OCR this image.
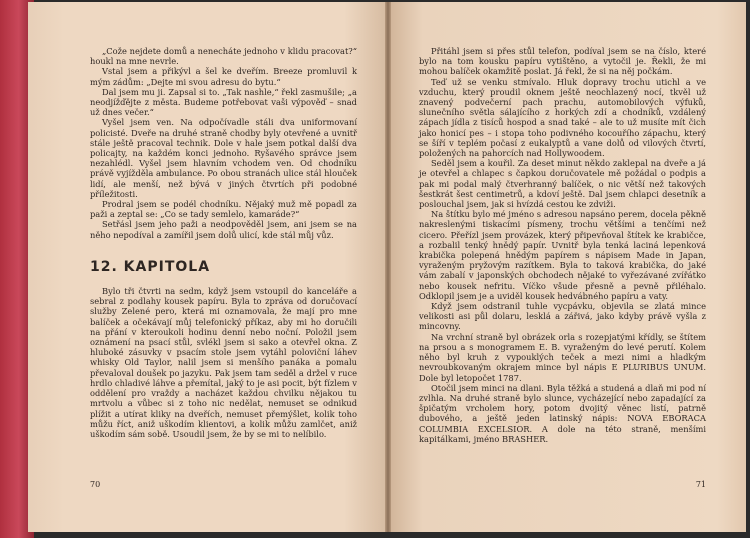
„Cože nejdete domů a nenecháte jednoho v klidu pracovat?“ houkl na mne nevrle.

Vstal jsem a přikývl a šel ke dveřím. Breeze promluvil k mým zádům: „Dejte mi svou adresu do bytu.“

Dal jsem mu ji. Zapsal si to. „Tak nashle,“ řekl zasmušile; „a neodjížďějte z města. Budeme potřebovat vaši výpověď – snad už dnes večer.“

Vyšel jsem ven. Na odpočívadle stáli dva uniformovaní policisté. Dveře na druhé straně chodby byly otevřené a uvnitř stále ještě pracoval technik. Dole v hale jsem potkal další dva policajty, na každém konci jednoho. Ryšavého správce jsem nezahlédl. Vyšel jsem hlavním vchodem ven. Od chodníku právě vyjížděla ambulance. Po obou stranách ulice stál hlouček lidí, ale menší, než bývá v jiných čtvrtích při podobné příležitosti.

Prodral jsem se podél chodníku. Nějaký muž mě popadl za paži a zeptal se: „Co se tady semlelo, kamaráde?“

Setřásl jsem jeho paži a neodpověděl jsem, ani jsem se na něho nepodíval a zamířil jsem dolů ulicí, kde stál můj vůz.

12. KAPITOLA

Bylo tři čtvrti na sedm, když jsem vstoupil do kanceláře a sebral z podlahy kousek papíru. Byla to zpráva od doručovací služby Zelené pero, která mi oznamovala, že mají pro mne balíček a očekávají můj telefonický příkaz, aby mi ho doručili na přání v kteroukoli hodinu denní nebo noční. Položil jsem oznámení na psací stůl, svlékl jsem si sako a otevřel okna. Z hluboké zásuvky v psacím stole jsem vytáhl poloviční láhev whisky Old Taylor, nalil jsem si menšího panáka a pomalu převaloval doušek po jazyku. Pak jsem tam seděl a držel v ruce hrdlo chladivé láhve a přemítal, jaký to je asi pocit, být fízlem v oddělení pro vraždy a nacházet každou chvilku nějakou tu mrtvolu a vůbec si z toho nic nedělat, nemuset se odnikud plížit a utírat kliky na dveřích, nemuset přemýšlet, kolik toho můžu říct, aniž uškodím klientovi, a kolik můžu zamlčet, aniž uškodím sám sobě. Usoudil jsem, že by se mi to nelíbilo.

70

Přitáhl jsem si přes stůl telefon, podíval jsem se na číslo, které bylo na tom kousku papíru vytištěno, a vytočil je. Řekli, že mi mohou balíček okamžitě poslat. Já řekl, že si na něj počkám.

Teď už se venku stmívalo. Hluk dopravy trochu utichl a ve vzduchu, který proudil oknem ještě neochlazený nocí, tkvěl už znavený podvečerní pach prachu, automobilových výfuků, slunečního světla sálajícího z horkých zdí a chodníků, vzdálený zápach jídla z tisíců hospod a snad také – ale to už musíte mít čich jako honicí pes – i stopa toho podivného kocouřího zápachu, který se šíří v teplém počasí z eukalyptů a vane dolů od vilových čtvrtí, položených na pahorcích nad Hollywoodem.

Seděl jsem a kouřil. Za deset minut někdo zaklepal na dveře a já je otevřel a chlapec s čapkou doručovatele mě požádal o podpis a pak mi podal malý čtverhranný balíček, o nic větší než takových šestkrát šest centimetrů, a kdoví ještě. Dal jsem chlapci desetník a poslouchal jsem, jak si hvízdá cestou ke zdviži.

Na štítku bylo mé jméno s adresou napsáno perem, docela pěkně nakreslenými tiskacími písmeny, trochu většími a tenčími než cicero. Přeřízl jsem provázek, který připevňoval štítek ke krabičce, a rozbalil tenký hnědý papír. Uvnitř byla tenká laciná lepenková krabička polepená hnědým papírem s nápisem Made in Japan, vyraženým pryžovým razítkem. Byla to taková krabička, do jaké vám zabalí v japonských obchodech nějaké to vyřezávané zvířátko nebo kousek nefritu. Víčko všude přesně a pevně přiléhalo. Odklopil jsem je a uviděl kousek hedvábného papíru a vaty.

Když jsem odstranil tuhle vycpávku, objevila se zlatá mince velikosti asi půl dolaru, lesklá a zářivá, jako kdyby právě vyšla z mincovny.

Na vrchní straně byl obrázek orla s rozepjatými křídly, se štítem na prsou a s monogramem E. B. vyraženým do levé perutí. Kolem něho byl kruh z vypouklých teček a mezi nimi a hladkým nevroubkovaným okrajem mince byl nápis E PLURIBUS UNUM. Dole byl letopočet 1787.

Otočil jsem minci na dlani. Byla těžká a studená a dlaň mi pod ní zvlhla. Na druhé straně bylo slunce, vycházející nebo zapadající za špičatým vrcholem hory, potom dvojitý věnec listí, patrně dubového, a ještě jeden latinský nápis: NOVA EBORACA COLUMBIA EXCELSIOR. A dole na této straně, menšími kapitálkami, jméno BRASHER.

71
